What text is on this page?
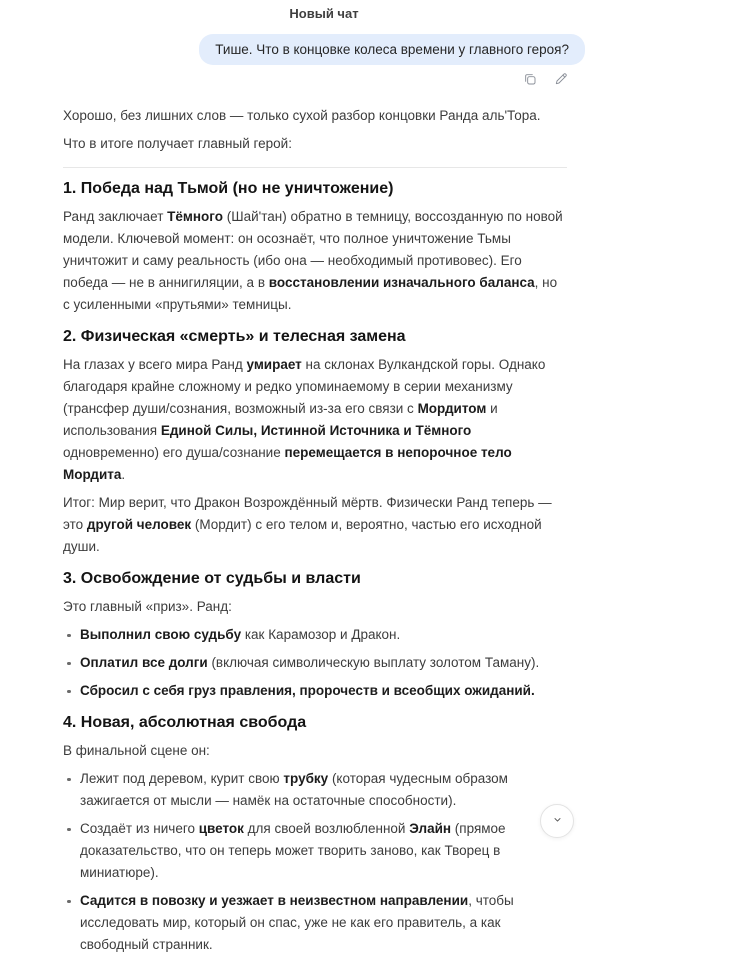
Новый чат
Тише. Что в концовке колеса времени у главного героя?

Хорошо, без лишних слов — только сухой разбор концовки Ранда аль'Тора.

Что в итоге получает главный герой:

1. Победа над Тьмой (но не уничтожение)

Ранд заключает Тёмного (Шай'тан) обратно в темницу, воссозданную по новой модели. Ключевой момент: он осознаёт, что полное уничтожение Тьмы уничтожит и саму реальность (ибо она — необходимый противовес). Его победа — не в аннигиляции, а в восстановлении изначального баланса, но с усиленными «прутьями» темницы.

2. Физическая «смерть» и телесная замена

На глазах у всего мира Ранд умирает на склонах Вулкандской горы. Однако благодаря крайне сложному и редко упоминаемому в серии механизму (трансфер души/сознания, возможный из-за его связи с Мордитом и использования Единой Силы, Истинной Источника и Тёмного одновременно) его душа/сознание перемещается в непорочное тело Мордита.

Итог: Мир верит, что Дракон Возрождённый мёртв. Физически Ранд теперь — это другой человек (Мордит) с его телом и, вероятно, частью его исходной души.

3. Освобождение от судьбы и власти

Это главный «приз». Ранд:

Выполнил свою судьбу как Карамозор и Дракон.
Оплатил все долги (включая символическую выплату золотом Таману).
Сбросил с себя груз правления, пророчеств и всеобщих ожиданий.
4. Новая, абсолютная свобода

В финальной сцене он:

Лежит под деревом, курит свою трубку (которая чудесным образом зажигается от мысли — намёк на остаточные способности).
Создаёт из ничего цветок для своей возлюбленной Элайн (прямое доказательство, что он теперь может творить заново, как Творец в миниатюре).
Садится в повозку и уезжает в неизвестном направлении, чтобы исследовать мир, который он спас, уже не как его правитель, а как свободный странник.
